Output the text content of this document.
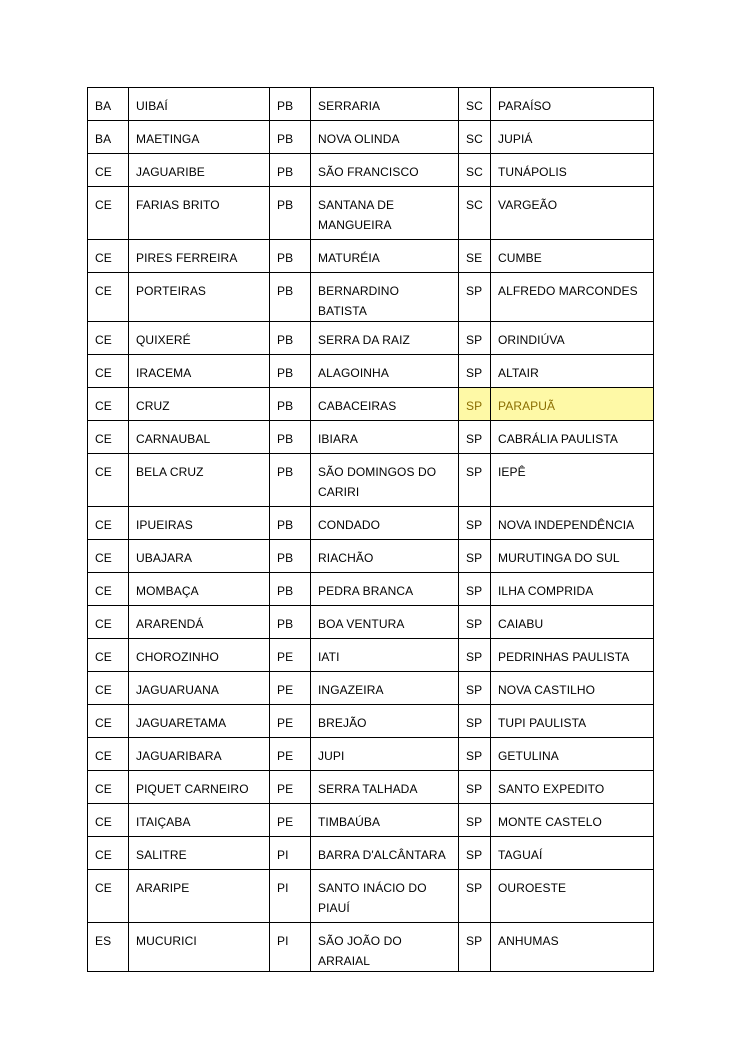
BA	UIBAÍ	PB	SERRARIA	SC	PARAÍSO
BA	MAETINGA	PB	NOVA OLINDA	SC	JUPIÁ
CE	JAGUARIBE	PB	SÃO FRANCISCO	SC	TUNÁPOLIS
CE	FARIAS BRITO	PB	SANTANA DE MANGUEIRA	SC	VARGEÃO
CE	PIRES FERREIRA	PB	MATURÉIA	SE	CUMBE
CE	PORTEIRAS	PB	BERNARDINO BATISTA	SP	ALFREDO MARCONDES
CE	QUIXERÉ	PB	SERRA DA RAIZ	SP	ORINDIÚVA
CE	IRACEMA	PB	ALAGOINHA	SP	ALTAIR
CE	CRUZ	PB	CABACEIRAS	SP	PARAPUÃ
CE	CARNAUBAL	PB	IBIARA	SP	CABRÁLIA PAULISTA
CE	BELA CRUZ	PB	SÃO DOMINGOS DO CARIRI	SP	IEPÊ
CE	IPUEIRAS	PB	CONDADO	SP	NOVA INDEPENDÊNCIA
CE	UBAJARA	PB	RIACHÃO	SP	MURUTINGA DO SUL
CE	MOMBAÇA	PB	PEDRA BRANCA	SP	ILHA COMPRIDA
CE	ARARENDÁ	PB	BOA VENTURA	SP	CAIABU
CE	CHOROZINHO	PE	IATI	SP	PEDRINHAS PAULISTA
CE	JAGUARUANA	PE	INGAZEIRA	SP	NOVA CASTILHO
CE	JAGUARETAMA	PE	BREJÃO	SP	TUPI PAULISTA
CE	JAGUARIBARA	PE	JUPI	SP	GETULINA
CE	PIQUET CARNEIRO	PE	SERRA TALHADA	SP	SANTO EXPEDITO
CE	ITAIÇABA	PE	TIMBAÚBA	SP	MONTE CASTELO
CE	SALITRE	PI	BARRA D'ALCÂNTARA	SP	TAGUAÍ
CE	ARARIPE	PI	SANTO INÁCIO DO PIAUÍ	SP	OUROESTE
ES	MUCURICI	PI	SÃO JOÃO DO ARRAIAL	SP	ANHUMAS
